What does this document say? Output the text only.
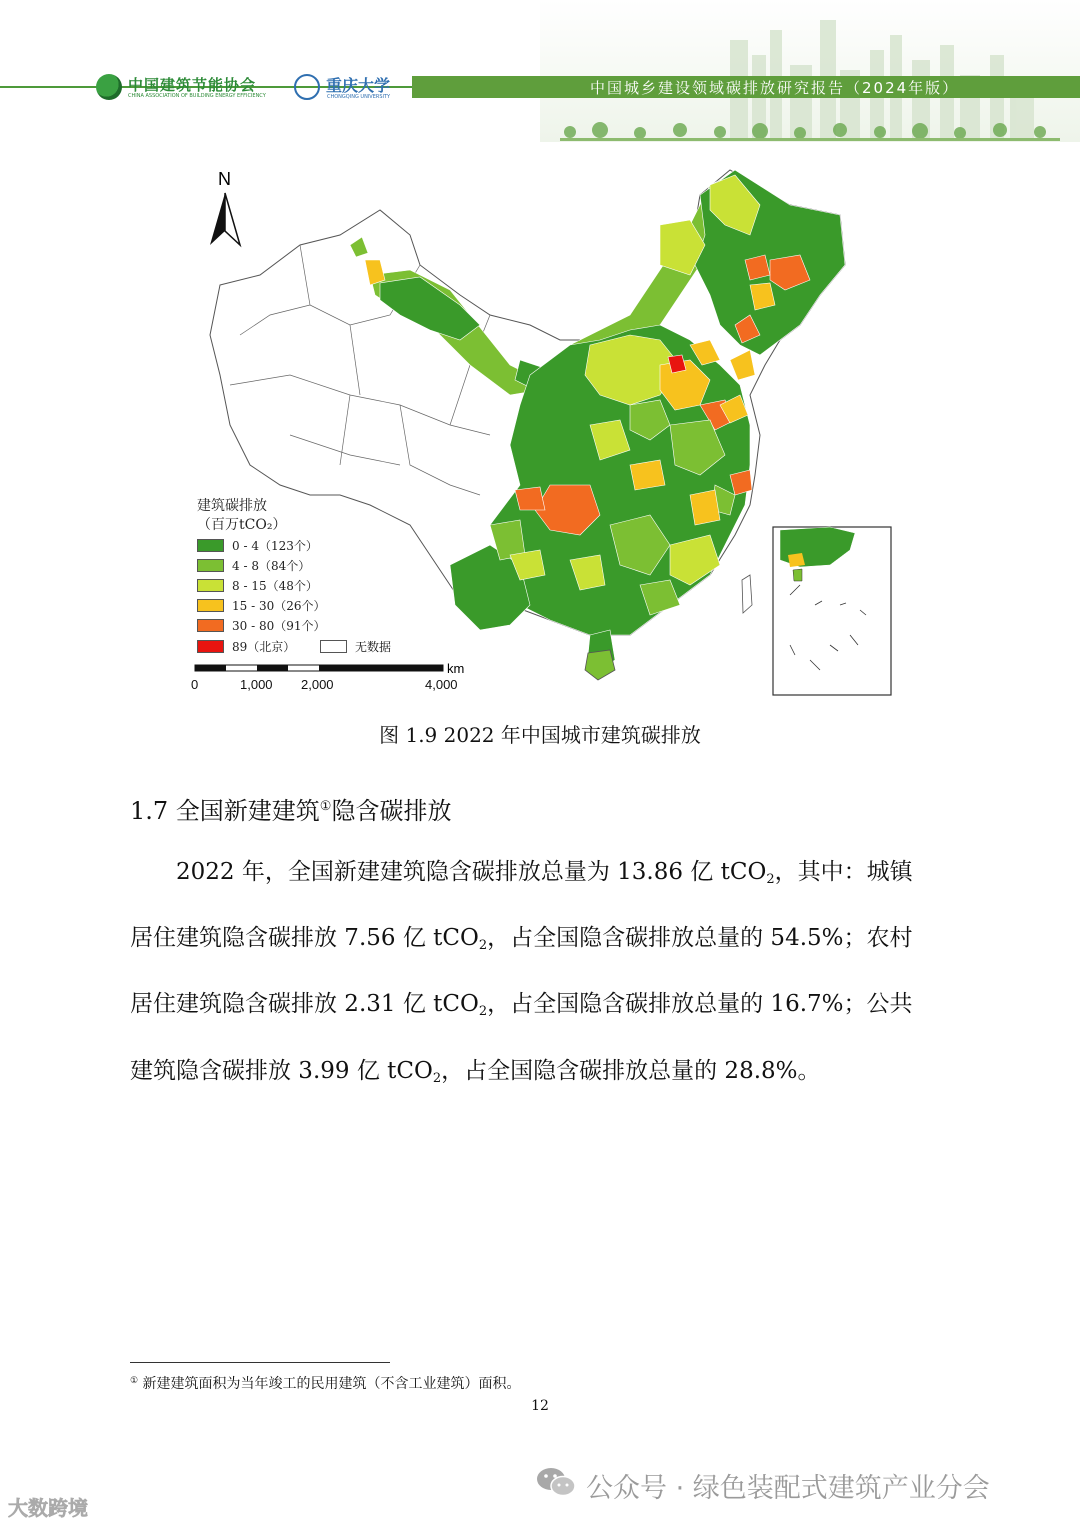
中国建筑节能协会
CHINA ASSOCIATION OF BUILDING ENERGY EFFICIENCY
重庆大学
CHONGQING UNIVERSITY	中国城乡建设领域碳排放研究报告（2024年版）
N
km
0	1,000 2,000	4,000
建筑碳排放
（百万tCO₂）
0 - 4（123个）
4 - 8（84个）
8 - 15（48个）
15 - 30（26个）
30 - 80（91个）
89（北京）	无数据
图 1.9 2022 年中国城市建筑碳排放
1.7 全国新建建筑①隐含碳排放
2022 年，全国新建建筑隐含碳排放总量为 13.86 亿 tCO$_2$，其中：城镇
居住建筑隐含碳排放 7.56 亿 tCO$_2$，占全国隐含碳排放总量的 54.5%；农村
居住建筑隐含碳排放 2.31 亿 tCO$_2$，占全国隐含碳排放总量的 16.7%；公共
建筑隐含碳排放 3.99 亿 tCO$_2$，占全国隐含碳排放总量的 28.8%。
① 新建建筑面积为当年竣工的民用建筑（不含工业建筑）面积。
12
公众号 · 绿色装配式建筑产业分会
大数跨境
